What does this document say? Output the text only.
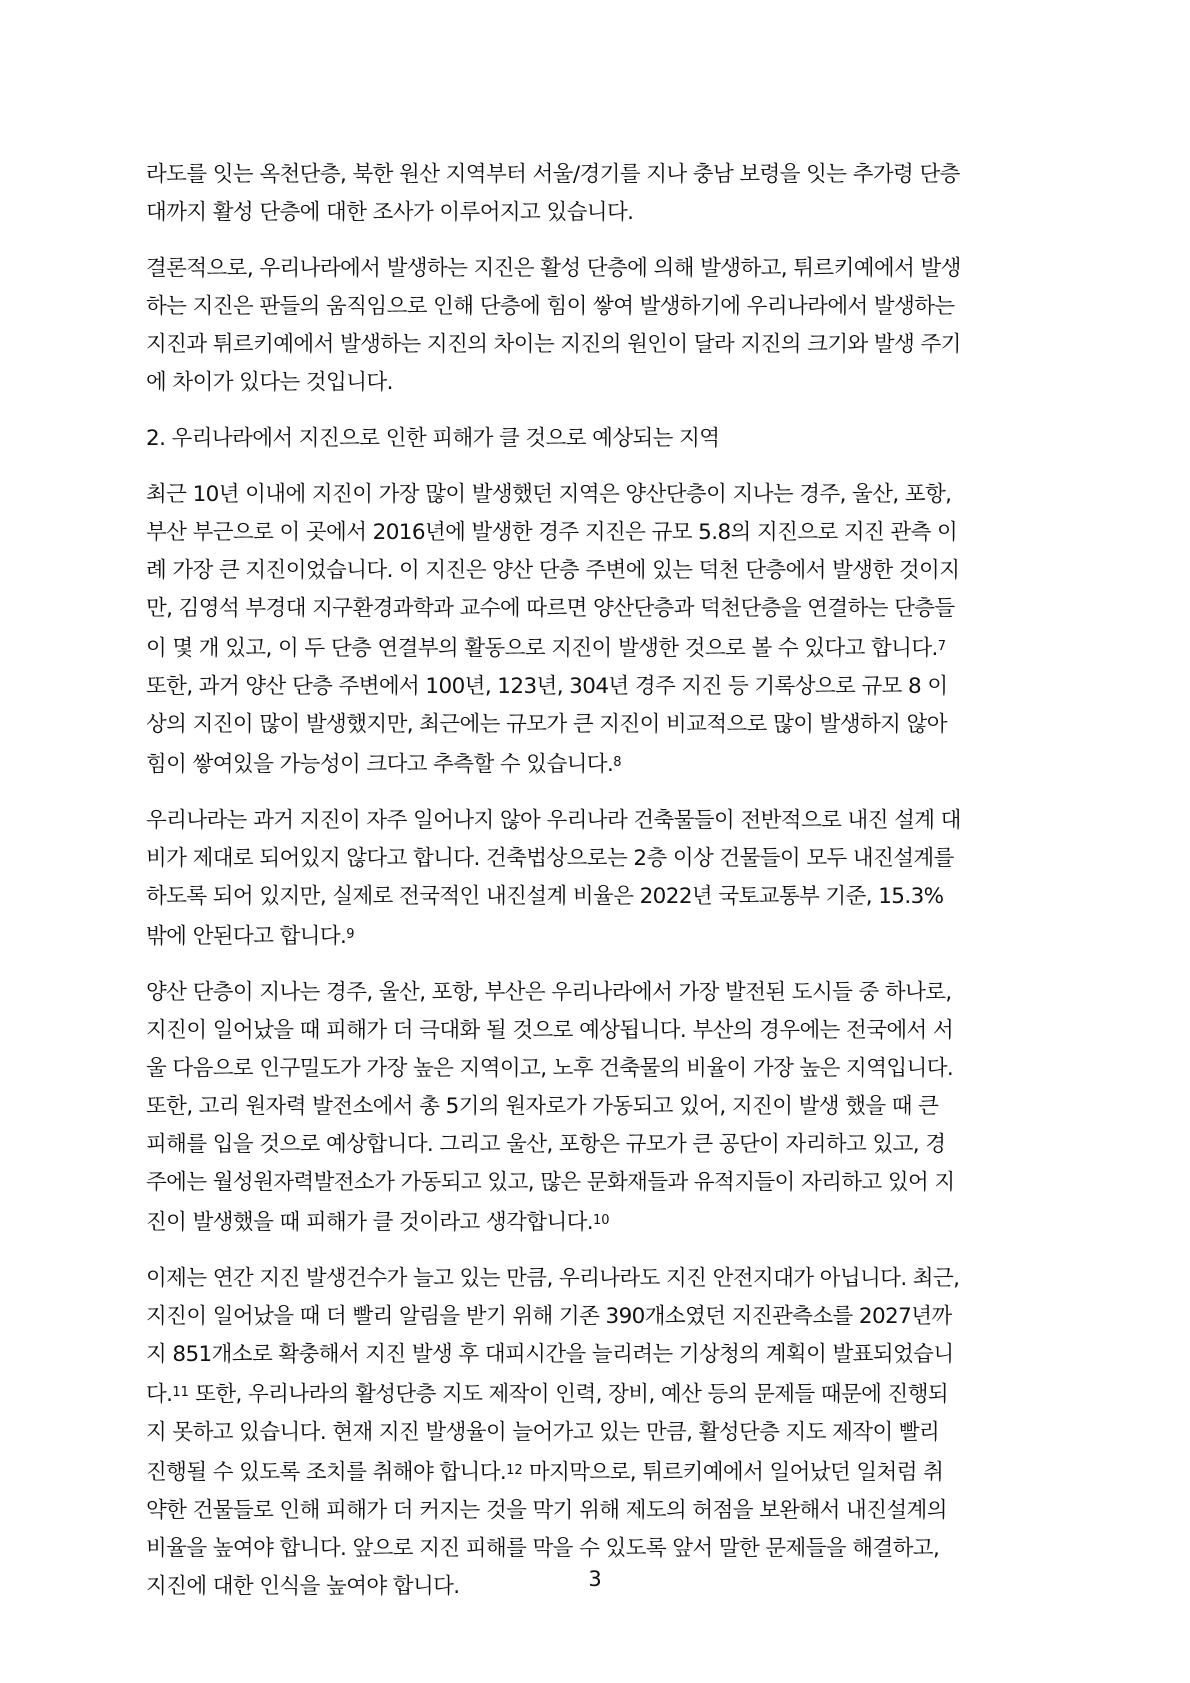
라도를 잇는 옥천단층, 북한 원산 지역부터 서울/경기를 지나 충남 보령을 잇는 추가령 단층
대까지 활성 단층에 대한 조사가 이루어지고 있습니다.

결론적으로, 우리나라에서 발생하는 지진은 활성 단층에 의해 발생하고, 튀르키예에서 발생
하는 지진은 판들의 움직임으로 인해 단층에 힘이 쌓여 발생하기에 우리나라에서 발생하는
지진과 튀르키예에서 발생하는 지진의 차이는 지진의 원인이 달라 지진의 크기와 발생 주기
에 차이가 있다는 것입니다.

2. 우리나라에서 지진으로 인한 피해가 클 것으로 예상되는 지역

최근 10년 이내에 지진이 가장 많이 발생했던 지역은 양산단층이 지나는 경주, 울산, 포항,
부산 부근으로 이 곳에서 2016년에 발생한 경주 지진은 규모 5.8의 지진으로 지진 관측 이
례 가장 큰 지진이었습니다. 이 지진은 양산 단층 주변에 있는 덕천 단층에서 발생한 것이지
만, 김영석 부경대 지구환경과학과 교수에 따르면 양산단층과 덕천단층을 연결하는 단층들
이 몇 개 있고, 이 두 단층 연결부의 활동으로 지진이 발생한 것으로 볼 수 있다고 합니다.$^7$
또한, 과거 양산 단층 주변에서 100년, 123년, 304년 경주 지진 등 기록상으로 규모 8 이
상의 지진이 많이 발생했지만, 최근에는 규모가 큰 지진이 비교적으로 많이 발생하지 않아
힘이 쌓여있을 가능성이 크다고 추측할 수 있습니다.$^8$

우리나라는 과거 지진이 자주 일어나지 않아 우리나라 건축물들이 전반적으로 내진 설계 대
비가 제대로 되어있지 않다고 합니다. 건축법상으로는 2층 이상 건물들이 모두 내진설계를
하도록 되어 있지만, 실제로 전국적인 내진설계 비율은 2022년 국토교통부 기준, 15.3%
밖에 안된다고 합니다.$^9$

양산 단층이 지나는 경주, 울산, 포항, 부산은 우리나라에서 가장 발전된 도시들 중 하나로,
지진이 일어났을 때 피해가 더 극대화 될 것으로 예상됩니다. 부산의 경우에는 전국에서 서
울 다음으로 인구밀도가 가장 높은 지역이고, 노후 건축물의 비율이 가장 높은 지역입니다.
또한, 고리 원자력 발전소에서 총 5기의 원자로가 가동되고 있어, 지진이 발생 했을 때 큰
피해를 입을 것으로 예상합니다. 그리고 울산, 포항은 규모가 큰 공단이 자리하고 있고, 경
주에는 월성원자력발전소가 가동되고 있고, 많은 문화재들과 유적지들이 자리하고 있어 지
진이 발생했을 때 피해가 클 것이라고 생각합니다.$^{10}$

이제는 연간 지진 발생건수가 늘고 있는 만큼, 우리나라도 지진 안전지대가 아닙니다. 최근,
지진이 일어났을 때 더 빨리 알림을 받기 위해 기존 390개소였던 지진관측소를 2027년까
지 851개소로 확충해서 지진 발생 후 대피시간을 늘리려는 기상청의 계획이 발표되었습니
다.$^{11}$ 또한, 우리나라의 활성단층 지도 제작이 인력, 장비, 예산 등의 문제들 때문에 진행되
지 못하고 있습니다. 현재 지진 발생율이 늘어가고 있는 만큼, 활성단층 지도 제작이 빨리
진행될 수 있도록 조치를 취해야 합니다.$^{12}$ 마지막으로, 튀르키예에서 일어났던 일처럼 취
약한 건물들로 인해 피해가 더 커지는 것을 막기 위해 제도의 허점을 보완해서 내진설계의
비율을 높여야 합니다. 앞으로 지진 피해를 막을 수 있도록 앞서 말한 문제들을 해결하고,
지진에 대한 인식을 높여야 합니다.	3
